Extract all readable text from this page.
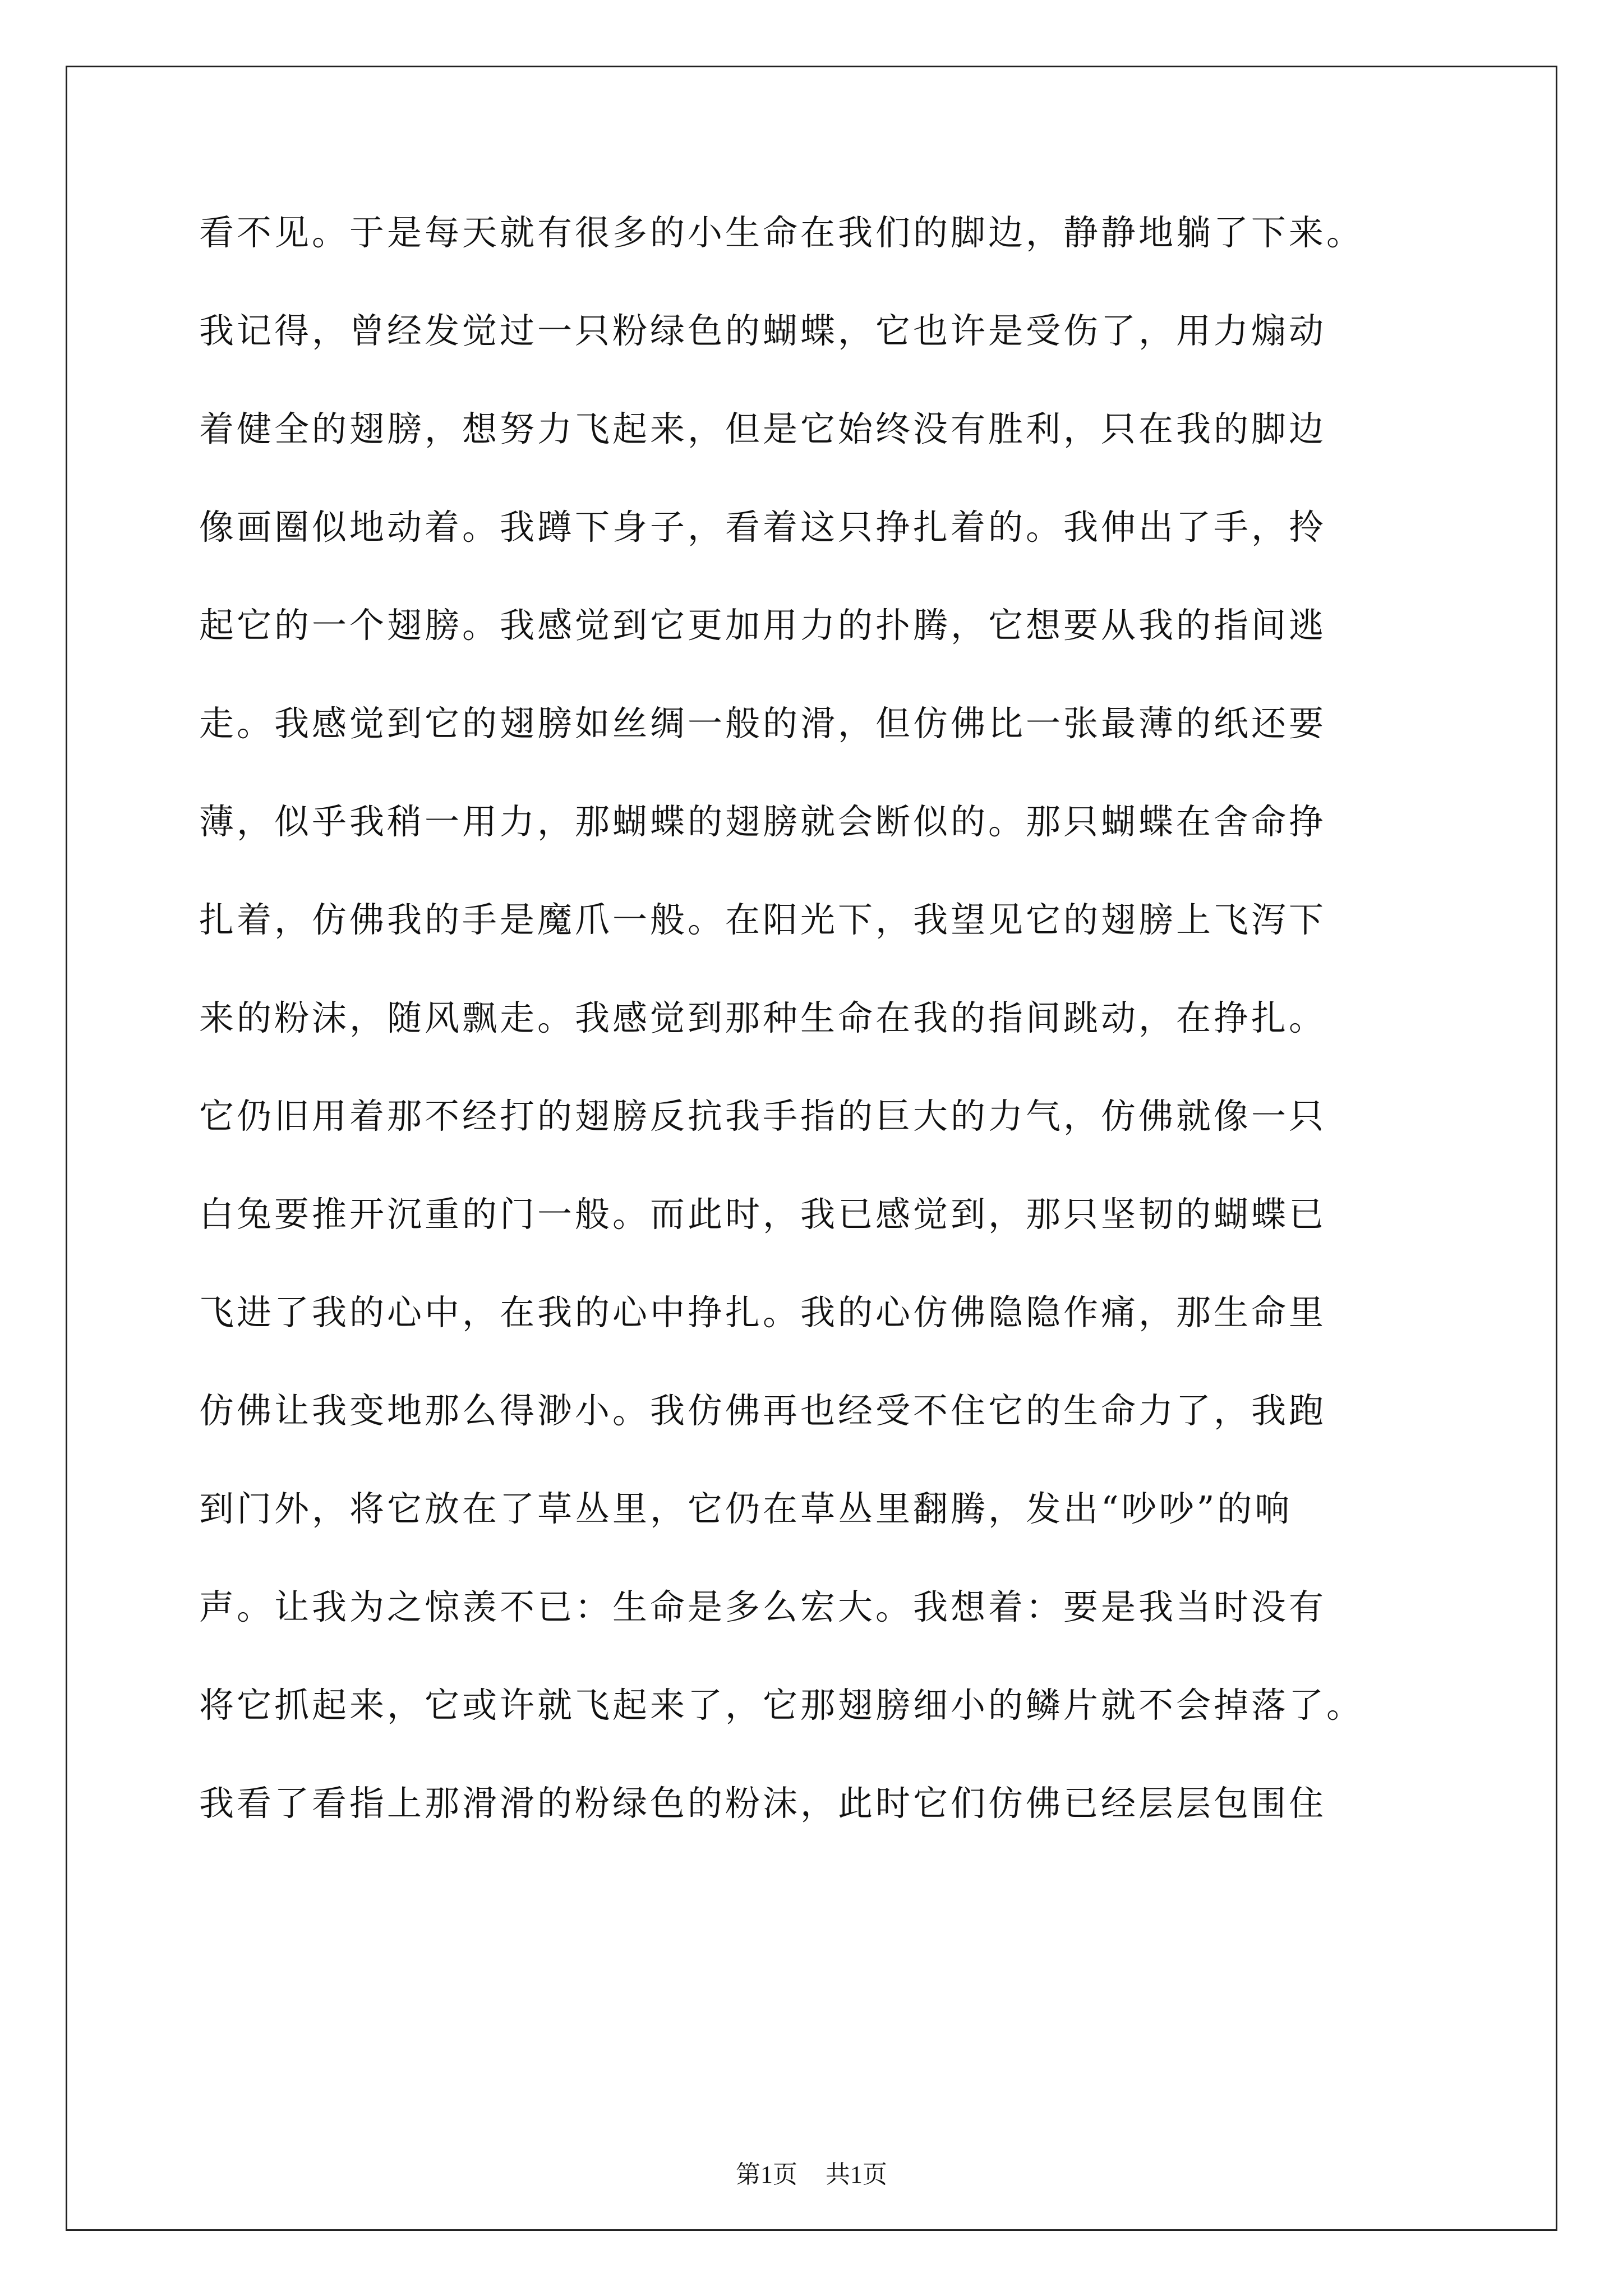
看不见。于是每天就有很多的小生命在我们的脚边，静静地躺了下来。
我记得，曾经发觉过一只粉绿色的蝴蝶，它也许是受伤了，用力煽动
着健全的翅膀，想努力飞起来，但是它始终没有胜利，只在我的脚边
像画圈似地动着。我蹲下身子，看着这只挣扎着的。我伸出了手，拎
起它的一个翅膀。我感觉到它更加用力的扑腾，它想要从我的指间逃
走。我感觉到它的翅膀如丝绸一般的滑，但仿佛比一张最薄的纸还要
薄，似乎我稍一用力，那蝴蝶的翅膀就会断似的。那只蝴蝶在舍命挣
扎着，仿佛我的手是魔爪一般。在阳光下，我望见它的翅膀上飞泻下
来的粉沫，随风飘走。我感觉到那种生命在我的指间跳动，在挣扎。
它仍旧用着那不经打的翅膀反抗我手指的巨大的力气，仿佛就像一只
白兔要推开沉重的门一般。而此时，我已感觉到，那只坚韧的蝴蝶已
飞进了我的心中，在我的心中挣扎。我的心仿佛隐隐作痛，那生命里
仿佛让我变地那么得渺小。我仿佛再也经受不住它的生命力了，我跑
到门外，将它放在了草丛里，它仍在草丛里翻腾，发出“吵吵”的响
声。让我为之惊羡不已：生命是多么宏大。我想着：要是我当时没有
将它抓起来，它或许就飞起来了，它那翅膀细小的鳞片就不会掉落了。
我看了看指上那滑滑的粉绿色的粉沫，此时它们仿佛已经层层包围住
第1页 共1页
